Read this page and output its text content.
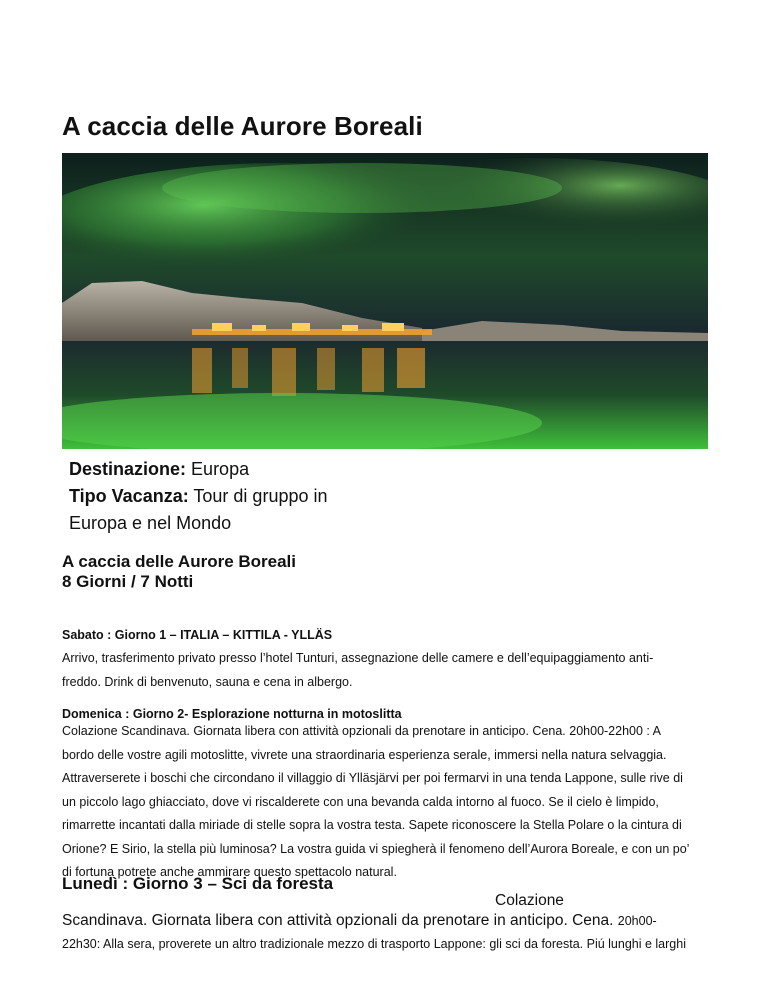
A caccia delle Aurore Boreali

Destinazione: Europa

Tipo Vacanza: Tour di gruppo in

Europa e nel Mondo

A caccia delle Aurore Boreali
8 Giorni / 7 Notti
Sabato : Giorno 1 – ITALIA – KITTILA - YLLÄS

Arrivo, trasferimento privato presso l’hotel Tunturi, assegnazione delle camere e dell’equipaggiamento anti-
freddo. Drink di benvenuto, sauna e cena in albergo.

Domenica : Giorno 2- Esplorazione notturna in motoslitta

Colazione Scandinava. Giornata libera con attività opzionali da prenotare in anticipo. Cena. 20h00-22h00 : A
bordo delle vostre agili motoslitte, vivrete una straordinaria esperienza serale, immersi nella natura selvaggia.
Attraverserete i boschi che circondano il villaggio di Ylläsjärvi per poi fermarvi in una tenda Lappone, sulle rive di
un piccolo lago ghiacciato, dove vi riscalderete con una bevanda calda intorno al fuoco. Se il cielo è limpido,
rimarrette incantati dalla miriade di stelle sopra la vostra testa. Sapete riconoscere la Stella Polare o la cintura di
Orione? E Sirio, la stella più luminosa? La vostra guida vi spiegherà il fenomeno dell’Aurora Boreale, e con un po’
di fortuna potrete anche ammirare questo spettacolo natural.

Lunedì : Giorno 3 – Sci da foresta
Colazione
Scandinava. Giornata libera con attività opzionali da prenotare in anticipo. Cena. 20h00-
22h30: Alla sera, proverete un altro tradizionale mezzo di trasporto Lappone: gli sci da foresta. Piú lunghi e larghi
